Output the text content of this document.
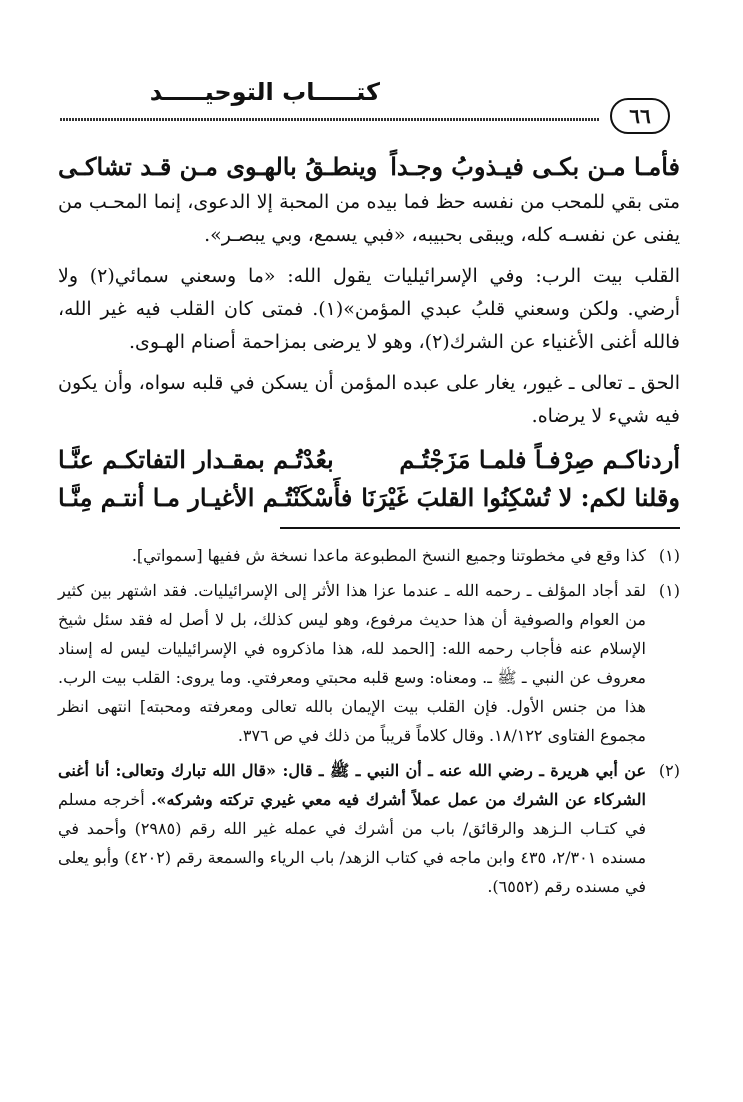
كتـــــاب التوحيـــــد
٦٦
فأمـا مـن بكـى فيـذوبُ وجـداً
وينطـقُ بالهـوى مـن قـد تشاكـى

متى بقي للمحب من نفسه حظ فما بيده من المحبة إلا الدعوى، إنما المحـب من يفنى عن نفسـه كله، ويبقى بحبيبه، «فبي يسمع، وبي يبصـر».

القلب بيت الرب: وفي الإسرائيليات يقول الله: «ما وسعني سمائي(٢) ولا أرضي. ولكن وسعني قلبُ عبدي المؤمن»(١). فمتى كان القلب فيه غير الله، فالله أغنى الأغنياء عن الشرك(٢)، وهو لا يرضى بمزاحمة أصنام الهـوى.

الحق ـ تعالى ـ غيور، يغار على عبده المؤمن أن يسكن في قلبه سواه، وأن يكون فيه شيء لا يرضاه.

أردناكـم صِرْفـاً فلمـا مَزَجْتُـم
بعُدْتُـم بمقـدار التفاتكـم عنَّـا
وقلنا لكم: لا تُسْكِنُوا القلبَ غَيْرَنَا
فأَسْكَنْتُـم الأغيـار مـا أنتـم مِنَّـا
(١)
كذا وقع في مخطوتنا وجميع النسخ المطبوعة ماعدا نسخة ش ففيها [سمواتي].
(١)
لقد أجاد المؤلف ـ رحمه الله ـ عندما عزا هذا الأثر إلى الإسرائيليات. فقد اشتهر بين كثير من العوام والصوفية أن هذا حديث مرفوع، وهو ليس كذلك، بل لا أصل له فقد سئل شيخ الإسلام عنه فأجاب رحمه الله: [الحمد لله، هذا ماذكروه في الإسرائيليات ليس له إسناد معروف عن النبي ـ ﷺ ـ. ومعناه: وسع قلبه محبتي ومعرفتي. وما يروى: القلب بيت الرب. هذا من جنس الأول. فإن القلب بيت الإيمان بالله تعالى ومعرفته ومحبته] انتهى انظر مجموع الفتاوى ١٨/١٢٢. وقال كلاماً قريباً من ذلك في ص ٣٧٦.
(٢)
عن أبي هريرة ـ رضي الله عنه ـ أن النبي ـ ﷺ ـ قال: «قال الله تبارك وتعالى: أنا أغنى الشركاء عن الشرك من عمل عملاً أشرك فيه معي غيري تركته وشركه». أخرجه مسلم في كتـاب الـزهد والرقائق/ باب من أشرك في عمله غير الله رقم (٢٩٨٥) وأحمد في مسنده ٢/٣٠١، ٤٣٥ وابن ماجه في كتاب الزهد/ باب الرياء والسمعة رقم (٤٢٠٢) وأبو يعلى في مسنده رقم (٦٥٥٢).
